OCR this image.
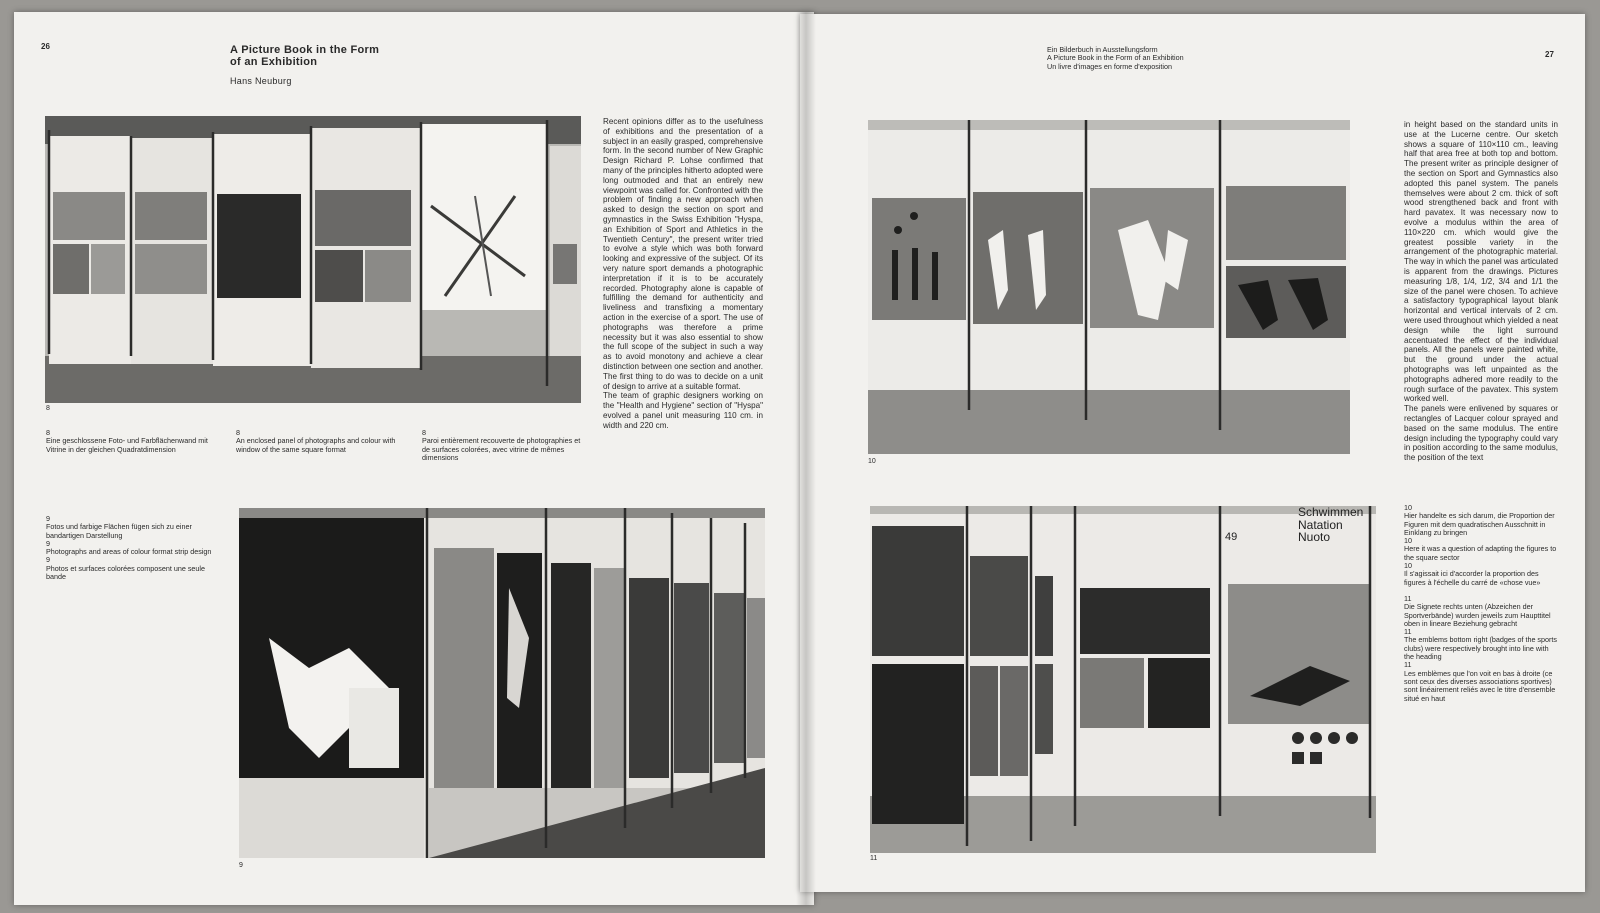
26	A Picture Book in the Form
of an Exhibition
Hans Neuburg
8
8
Eine geschlossene Foto- und Farbflächenwand mit Vitrine in der gleichen Quadratdimension
8
An enclosed panel of photographs and colour with window of the same square format
8
Paroi entièrement recouverte de photographies et de surfaces colorées, avec vitrine de mêmes dimensions
Recent opinions differ as to the usefulness of exhibitions and the presentation of a subject in an easily grasped, comprehensive form. In the second number of New Graphic Design Richard P. Lohse confirmed that many of the principles hitherto adopted were long outmoded and that an entirely new viewpoint was called for. Confronted with the problem of finding a new approach when asked to design the section on sport and gymnastics in the Swiss Exhibition "Hyspa, an Exhibition of Sport and Athletics in the Twentieth Century", the present writer tried to evolve a style which was both forward looking and expressive of the subject. Of its very nature sport demands a photographic interpretation if it is to be accurately recorded. Photography alone is capable of fulfilling the demand for authenticity and liveliness and transfixing a momentary action in the exercise of a sport. The use of photographs was therefore a prime necessity but it was also essential to show the full scope of the subject in such a way as to avoid monotony and achieve a clear distinction between one section and another. The first thing to do was to decide on a unit of design to arrive at a suitable format.
The team of graphic designers working on the "Health and Hygiene" section of "Hyspa" evolved a panel unit measuring 110 cm. in width and 220 cm.
9
Fotos und farbige Flächen fügen sich zu einer bandartigen Darstellung
9
Photographs and areas of colour format strip design
9
Photos et surfaces colorées composent une seule bande
9
Ein Bilderbuch in Ausstellungsform
A Picture Book in the Form of an Exhibition
Un livre d'images en forme d'exposition
27
10
in height based on the standard units in use at the Lucerne centre. Our sketch shows a square of 110×110 cm., leaving half that area free at both top and bottom. The present writer as principle designer of the section on Sport and Gymnastics also adopted this panel system. The panels themselves were about 2 cm. thick of soft wood strengthened back and front with hard pavatex. It was necessary now to evolve a modulus within the area of 110×220 cm. which would give the greatest possible variety in the arrangement of the photographic material. The way in which the panel was articulated is apparent from the drawings. Pictures measuring 1/8, 1/4, 1/2, 3/4 and 1/1 the size of the panel were chosen. To achieve a satisfactory typographical layout blank horizontal and vertical intervals of 2 cm. were used throughout which yielded a neat design while the light surround accentuated the effect of the individual panels. All the panels were painted white, but the ground under the actual photographs was left unpainted as the photographs adhered more readily to the rough surface of the pavatex. This system worked well.
The panels were enlivened by squares or rectangles of Lacquer colour sprayed and based on the same modulus. The entire design including the typography could vary in position according to the same modulus, the position of the text
Schwimmen
Natation
Nuoto
49
11
10
Hier handelte es sich darum, die Proportion der Figuren mit dem quadratischen Ausschnitt in Einklang zu bringen
10
Here it was a question of adapting the figures to the square sector
10
Il s'agissait ici d'accorder la proportion des figures à l'échelle du carré de «chose vue»
11
Die Signete rechts unten (Abzeichen der Sportverbände) wurden jeweils zum Haupttitel oben in lineare Beziehung gebracht
11
The emblems bottom right (badges of the sports clubs) were respectively brought into line with the heading
11
Les emblèmes que l'on voit en bas à droite (ce sont ceux des diverses associations sportives) sont linéairement reliés avec le titre d'ensemble situé en haut
